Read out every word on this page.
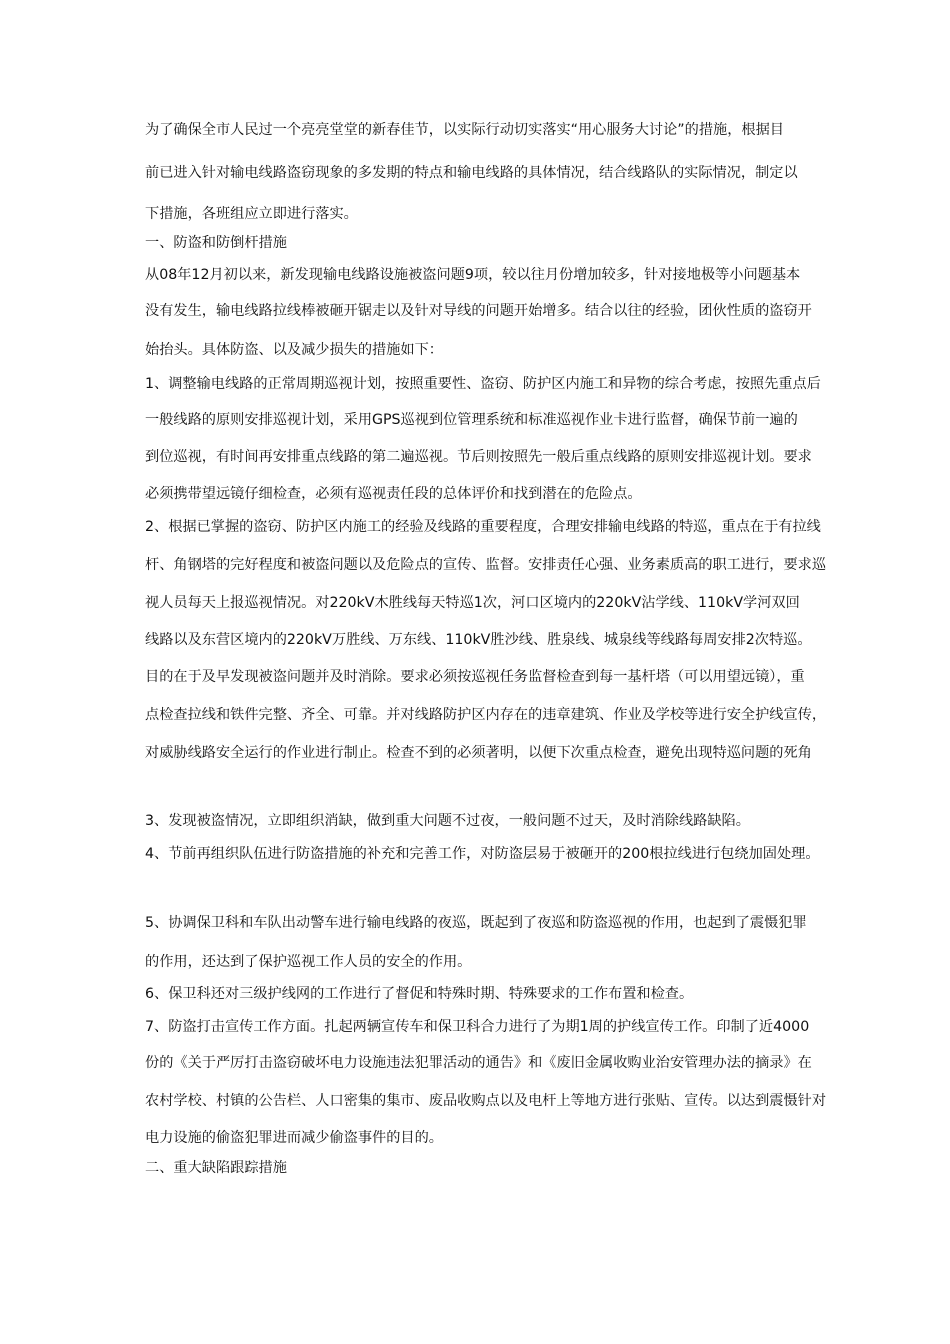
为了确保全市人民过一个亮亮堂堂的新春佳节，以实际行动切实落实“用心服务大讨论”的措施，根据目
前已进入针对输电线路盗窃现象的多发期的特点和输电线路的具体情况，结合线路队的实际情况，制定以
下措施，各班组应立即进行落实。
一、防盗和防倒杆措施
从08年12月初以来，新发现输电线路设施被盗问题9项，较以往月份增加较多，针对接地极等小问题基本
没有发生，输电线路拉线棒被砸开锯走以及针对导线的问题开始增多。结合以往的经验，团伙性质的盗窃开
始抬头。具体防盗、以及减少损失的措施如下：
1、调整输电线路的正常周期巡视计划，按照重要性、盗窃、防护区内施工和异物的综合考虑，按照先重点后
一般线路的原则安排巡视计划，采用GPS巡视到位管理系统和标准巡视作业卡进行监督，确保节前一遍的
到位巡视，有时间再安排重点线路的第二遍巡视。节后则按照先一般后重点线路的原则安排巡视计划。要求
必须携带望远镜仔细检查，必须有巡视责任段的总体评价和找到潜在的危险点。
2、根据已掌握的盗窃、防护区内施工的经验及线路的重要程度，合理安排输电线路的特巡，重点在于有拉线
杆、角钢塔的完好程度和被盗问题以及危险点的宣传、监督。安排责任心强、业务素质高的职工进行，要求巡
视人员每天上报巡视情况。对220kV木胜线每天特巡1次，河口区境内的220kV沾学线、110kV学河双回
线路以及东营区境内的220kV万胜线、万东线、110kV胜沙线、胜泉线、城泉线等线路每周安排2次特巡。
目的在于及早发现被盗问题并及时消除。要求必须按巡视任务监督检查到每一基杆塔（可以用望远镜），重
点检查拉线和铁件完整、齐全、可靠。并对线路防护区内存在的违章建筑、作业及学校等进行安全护线宣传，
对威胁线路安全运行的作业进行制止。检查不到的必须著明，以便下次重点检查，避免出现特巡问题的死角
3、发现被盗情况，立即组织消缺，做到重大问题不过夜，一般问题不过天，及时消除线路缺陷。
4、节前再组织队伍进行防盗措施的补充和完善工作，对防盗层易于被砸开的200根拉线进行包绕加固处理。
5、协调保卫科和车队出动警车进行输电线路的夜巡，既起到了夜巡和防盗巡视的作用，也起到了震慑犯罪
的作用，还达到了保护巡视工作人员的安全的作用。
6、保卫科还对三级护线网的工作进行了督促和特殊时期、特殊要求的工作布置和检查。
7、防盗打击宣传工作方面。扎起两辆宣传车和保卫科合力进行了为期1周的护线宣传工作。印制了近4000
份的《关于严厉打击盗窃破坏电力设施违法犯罪活动的通告》和《废旧金属收购业治安管理办法的摘录》在
农村学校、村镇的公告栏、人口密集的集市、废品收购点以及电杆上等地方进行张贴、宣传。以达到震慑针对
电力设施的偷盗犯罪进而减少偷盗事件的目的。
二、重大缺陷跟踪措施
